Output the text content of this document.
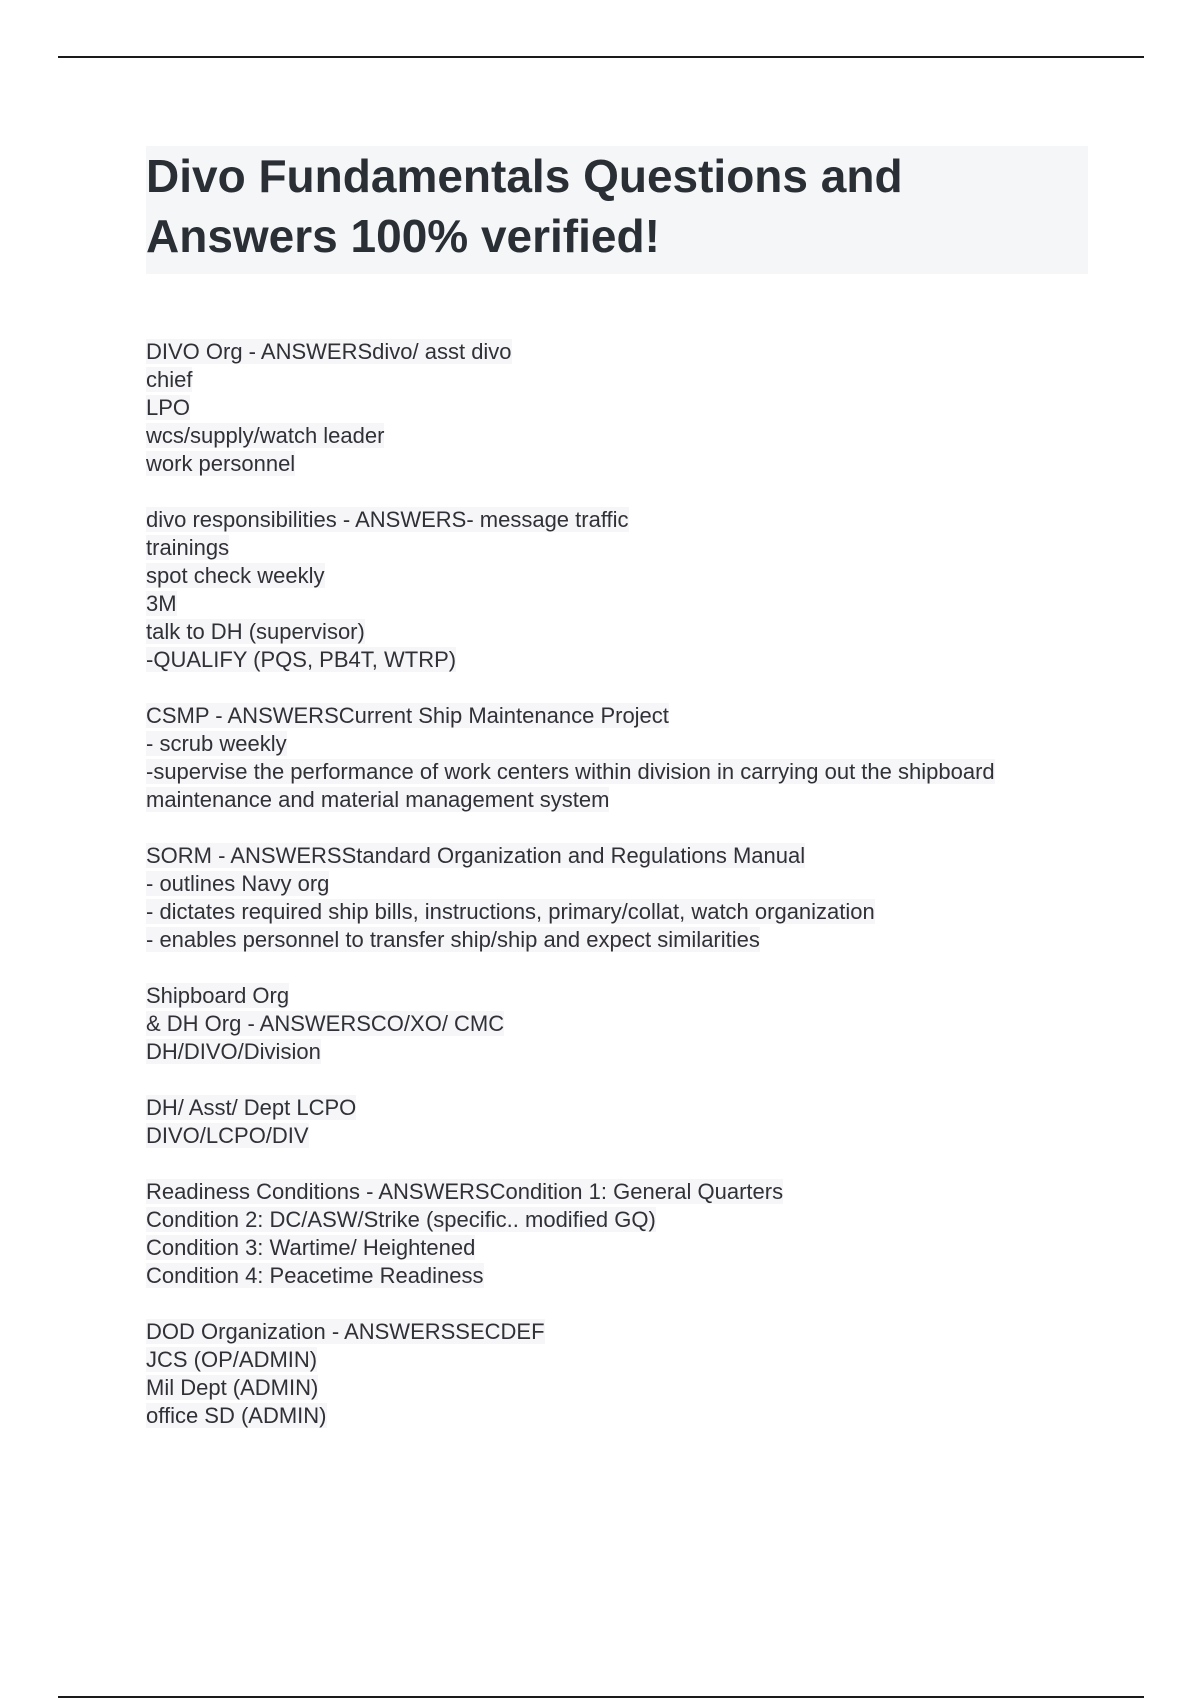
Divo Fundamentals Questions and Answers 100% verified!
DIVO Org - ANSWERSdivo/ asst divo
chief
LPO
wcs/supply/watch leader
work personnel
divo responsibilities - ANSWERS- message traffic
trainings
spot check weekly
3M
talk to DH (supervisor)
-QUALIFY (PQS, PB4T, WTRP)
CSMP - ANSWERSCurrent Ship Maintenance Project
- scrub weekly
-supervise the performance of work centers within division in carrying out the shipboard
maintenance and material management system
SORM - ANSWERSStandard Organization and Regulations Manual
- outlines Navy org
- dictates required ship bills, instructions, primary/collat, watch organization
- enables personnel to transfer ship/ship and expect similarities
Shipboard Org
& DH Org - ANSWERSCO/XO/ CMC
DH/DIVO/Division
DH/ Asst/ Dept LCPO
DIVO/LCPO/DIV
Readiness Conditions - ANSWERSCondition 1: General Quarters
Condition 2: DC/ASW/Strike (specific.. modified GQ)
Condition 3: Wartime/ Heightened
Condition 4: Peacetime Readiness
DOD Organization - ANSWERSSECDEF
JCS (OP/ADMIN)
Mil Dept (ADMIN)
office SD (ADMIN)
